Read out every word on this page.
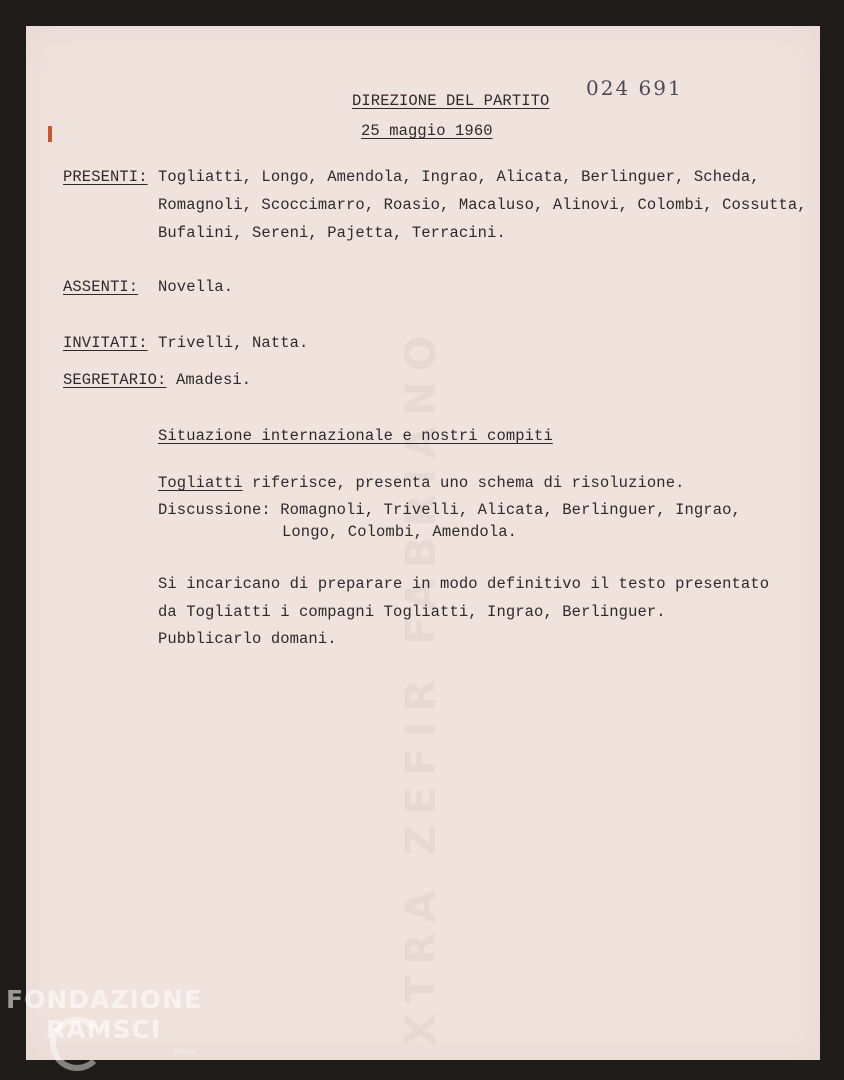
XTRA ZEFIR FABRIANO
024 691
DIREZIONE DEL PARTITO
25 maggio 1960
PRESENTI: Togliatti, Longo, Amendola, Ingrao, Alicata, Berlinguer, Scheda,
Romagnoli, Scoccimarro, Roasio, Macaluso, Alinovi, Colombi, Cossutta,
Bufalini, Sereni, Pajetta, Terracini.
ASSENTI: Novella.
INVITATI: Trivelli, Natta.
SEGRETARIO: Amadesi.
Situazione internazionale e nostri compiti
Togliatti riferisce, presenta uno schema di risoluzione.
Discussione: Romagnoli, Trivelli, Alicata, Berlinguer, Ingrao,
Longo, Colombi, Amendola.
Si incaricano di preparare in modo definitivo il testo presentato
da Togliatti i compagni Togliatti, Ingrao, Berlinguer.
Pubblicarlo domani.
FONDAZIONE
RAMSCI
onlus
